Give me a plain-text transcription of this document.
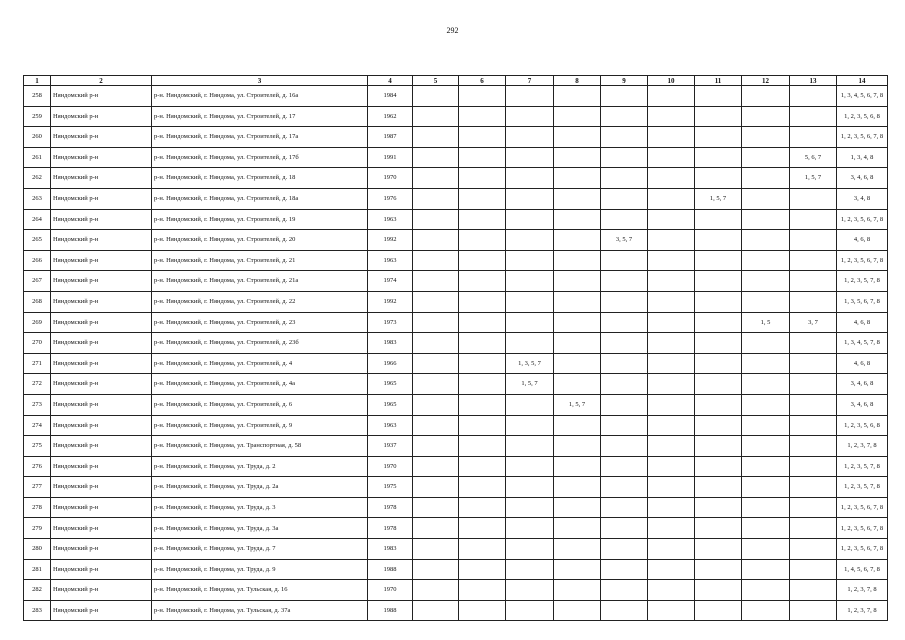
292
1	2	3	4	5	6	7	8	9	10	11	12	13	14
258	Няндомский р-н	р-н. Няндомский, г. Няндома, ул. Строителей, д. 16а	1984										1, 3, 4, 5, 6, 7, 8
259	Няндомский р-н	р-н. Няндомский, г. Няндома, ул. Строителей, д. 17	1962										1, 2, 3, 5, 6, 8
260	Няндомский р-н	р-н. Няндомский, г. Няндома, ул. Строителей, д. 17а	1987										1, 2, 3, 5, 6, 7, 8
261	Няндомский р-н	р-н. Няндомский, г. Няндома, ул. Строителей, д. 17б	1991									5, 6, 7	1, 3, 4, 8
262	Няндомский р-н	р-н. Няндомский, г. Няндома, ул. Строителей, д. 18	1970									1, 5, 7	3, 4, 6, 8
263	Няндомский р-н	р-н. Няндомский, г. Няндома, ул. Строителей, д. 18а	1976							1, 5, 7			3, 4, 8
264	Няндомский р-н	р-н. Няндомский, г. Няндома, ул. Строителей, д. 19	1963										1, 2, 3, 5, 6, 7, 8
265	Няндомский р-н	р-н. Няндомский, г. Няндома, ул. Строителей, д. 20	1992					3, 5, 7					4, 6, 8
266	Няндомский р-н	р-н. Няндомский, г. Няндома, ул. Строителей, д. 21	1963										1, 2, 3, 5, 6, 7, 8
267	Няндомский р-н	р-н. Няндомский, г. Няндома, ул. Строителей, д. 21а	1974										1, 2, 3, 5, 7, 8
268	Няндомский р-н	р-н. Няндомский, г. Няндома, ул. Строителей, д. 22	1992										1, 3, 5, 6, 7, 8
269	Няндомский р-н	р-н. Няндомский, г. Няндома, ул. Строителей, д. 23	1973								1, 5	3, 7	4, 6, 8
270	Няндомский р-н	р-н. Няндомский, г. Няндома, ул. Строителей, д. 23б	1983										1, 3, 4, 5, 7, 8
271	Няндомский р-н	р-н. Няндомский, г. Няндома, ул. Строителей, д. 4	1966			1, 3, 5, 7							4, 6, 8
272	Няндомский р-н	р-н. Няндомский, г. Няндома, ул. Строителей, д. 4а	1965			1, 5, 7							3, 4, 6, 8
273	Няндомский р-н	р-н. Няндомский, г. Няндома, ул. Строителей, д. 6	1965				1, 5, 7						3, 4, 6, 8
274	Няндомский р-н	р-н. Няндомский, г. Няндома, ул. Строителей, д. 9	1963										1, 2, 3, 5, 6, 8
275	Няндомский р-н	р-н. Няндомский, г. Няндома, ул. Транспортная, д. 58	1937										1, 2, 3, 7, 8
276	Няндомский р-н	р-н. Няндомский, г. Няндома, ул. Труда, д. 2	1970										1, 2, 3, 5, 7, 8
277	Няндомский р-н	р-н. Няндомский, г. Няндома, ул. Труда, д. 2а	1975										1, 2, 3, 5, 7, 8
278	Няндомский р-н	р-н. Няндомский, г. Няндома, ул. Труда, д. 3	1978										1, 2, 3, 5, 6, 7, 8
279	Няндомский р-н	р-н. Няндомский, г. Няндома, ул. Труда, д. 3а	1978										1, 2, 3, 5, 6, 7, 8
280	Няндомский р-н	р-н. Няндомский, г. Няндома, ул. Труда, д. 7	1983										1, 2, 3, 5, 6, 7, 8
281	Няндомский р-н	р-н. Няндомский, г. Няндома, ул. Труда, д. 9	1988										1, 4, 5, 6, 7, 8
282	Няндомский р-н	р-н. Няндомский, г. Няндома, ул. Тульская, д. 16	1970										1, 2, 3, 7, 8
283	Няндомский р-н	р-н. Няндомский, г. Няндома, ул. Тульская, д. 37а	1988										1, 2, 3, 7, 8
